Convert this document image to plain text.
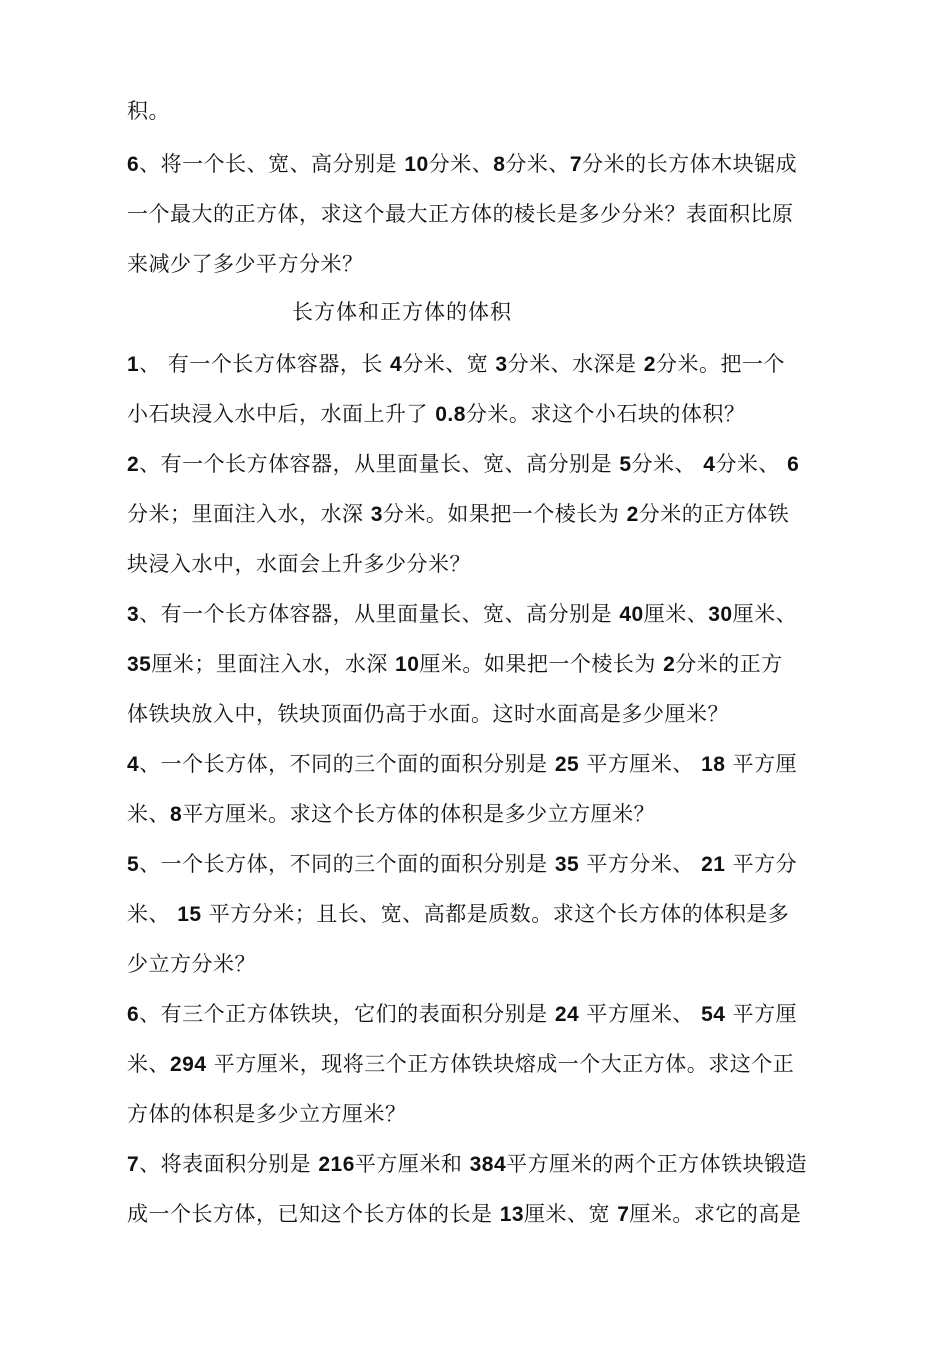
积。
6、将一个长、宽、高分别是 10分米、8分米、7分米的长方体木块锯成
一个最大的正方体，求这个最大正方体的棱长是多少分米？表面积比原
来减少了多少平方分米？
长方体和正方体的体积
1、 有一个长方体容器，长 4分米、宽 3分米、水深是 2分米。把一个
小石块浸入水中后，水面上升了 0.8分米。求这个小石块的体积？
2、有一个长方体容器，从里面量长、宽、高分别是 5分米、 4分米、 6
分米；里面注入水，水深 3分米。如果把一个棱长为 2分米的正方体铁
块浸入水中，水面会上升多少分米？
3、有一个长方体容器，从里面量长、宽、高分别是 40厘米、30厘米、
35厘米；里面注入水，水深 10厘米。如果把一个棱长为 2分米的正方
体铁块放入中，铁块顶面仍高于水面。这时水面高是多少厘米？
4、一个长方体，不同的三个面的面积分别是 25 平方厘米、 18 平方厘
米、8平方厘米。求这个长方体的体积是多少立方厘米？
5、一个长方体，不同的三个面的面积分别是 35 平方分米、 21 平方分
米、 15 平方分米；且长、宽、高都是质数。求这个长方体的体积是多
少立方分米？
6、有三个正方体铁块，它们的表面积分别是 24 平方厘米、 54 平方厘
米、294 平方厘米，现将三个正方体铁块熔成一个大正方体。求这个正
方体的体积是多少立方厘米？
7、将表面积分别是 216平方厘米和 384平方厘米的两个正方体铁块锻造
成一个长方体，已知这个长方体的长是 13厘米、宽 7厘米。求它的高是
